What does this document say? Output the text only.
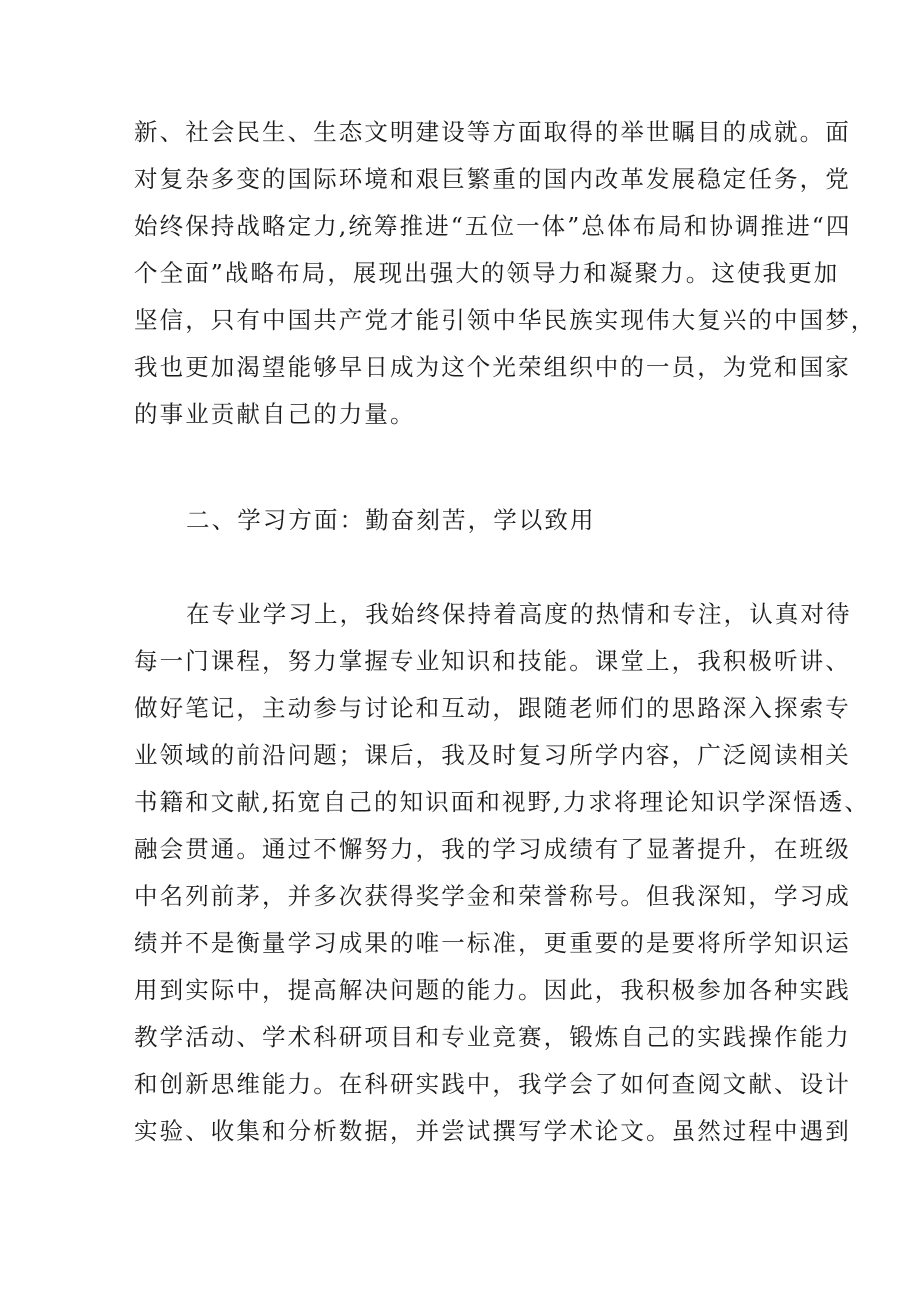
新、社会民生、生态文明建设等方面取得的举世瞩目的成就。面
对复杂多变的国际环境和艰巨繁重的国内改革发展稳定任务，党
始终保持战略定力,统筹推进“五位一体”总体布局和协调推进“四
个全面”战略布局，展现出强大的领导力和凝聚力。这使我更加
坚信，只有中国共产党才能引领中华民族实现伟大复兴的中国梦，
我也更加渴望能够早日成为这个光荣组织中的一员，为党和国家
的事业贡献自己的力量。
二、学习方面：勤奋刻苦，学以致用
在专业学习上，我始终保持着高度的热情和专注，认真对待
每一门课程，努力掌握专业知识和技能。课堂上，我积极听讲、
做好笔记，主动参与讨论和互动，跟随老师们的思路深入探索专
业领域的前沿问题；课后，我及时复习所学内容，广泛阅读相关
书籍和文献,拓宽自己的知识面和视野,力求将理论知识学深悟透、
融会贯通。通过不懈努力，我的学习成绩有了显著提升，在班级
中名列前茅，并多次获得奖学金和荣誉称号。但我深知，学习成
绩并不是衡量学习成果的唯一标准，更重要的是要将所学知识运
用到实际中，提高解决问题的能力。因此，我积极参加各种实践
教学活动、学术科研项目和专业竞赛，锻炼自己的实践操作能力
和创新思维能力。在科研实践中，我学会了如何查阅文献、设计
实验、收集和分析数据，并尝试撰写学术论文。虽然过程中遇到
